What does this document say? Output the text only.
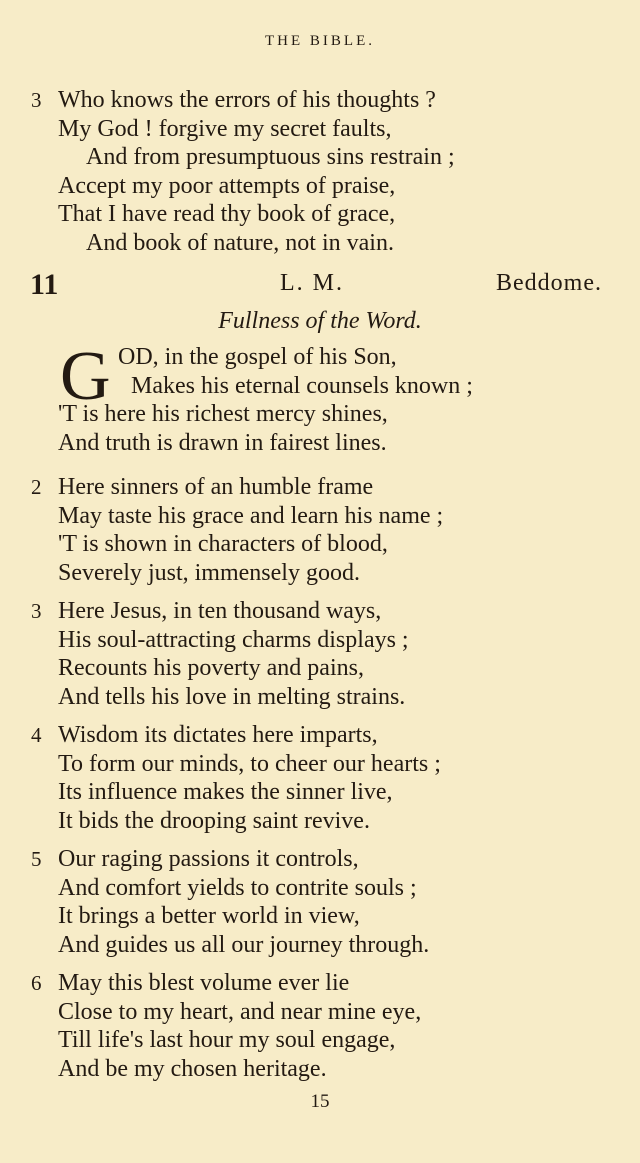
THE BIBLE.
3 Who knows the errors of his thoughts ?
My God ! forgive my secret faults,
And from presumptuous sins restrain ;
Accept my poor attempts of praise,
That I have read thy book of grace,
And book of nature, not in vain.
11	L. M.	Beddome.
Fullness of the Word.
G OD, in the gospel of his Son,
Makes his eternal counsels known ;
'T is here his richest mercy shines,
And truth is drawn in fairest lines.
2 Here sinners of an humble frame
May taste his grace and learn his name ;
'T is shown in characters of blood,
Severely just, immensely good.
3 Here Jesus, in ten thousand ways,
His soul-attracting charms displays ;
Recounts his poverty and pains,
And tells his love in melting strains.
4 Wisdom its dictates here imparts,
To form our minds, to cheer our hearts ;
Its influence makes the sinner live,
It bids the drooping saint revive.
5 Our raging passions it controls,
And comfort yields to contrite souls ;
It brings a better world in view,
And guides us all our journey through.
6 May this blest volume ever lie
Close to my heart, and near mine eye,
Till life's last hour my soul engage,
And be my chosen heritage.
15
